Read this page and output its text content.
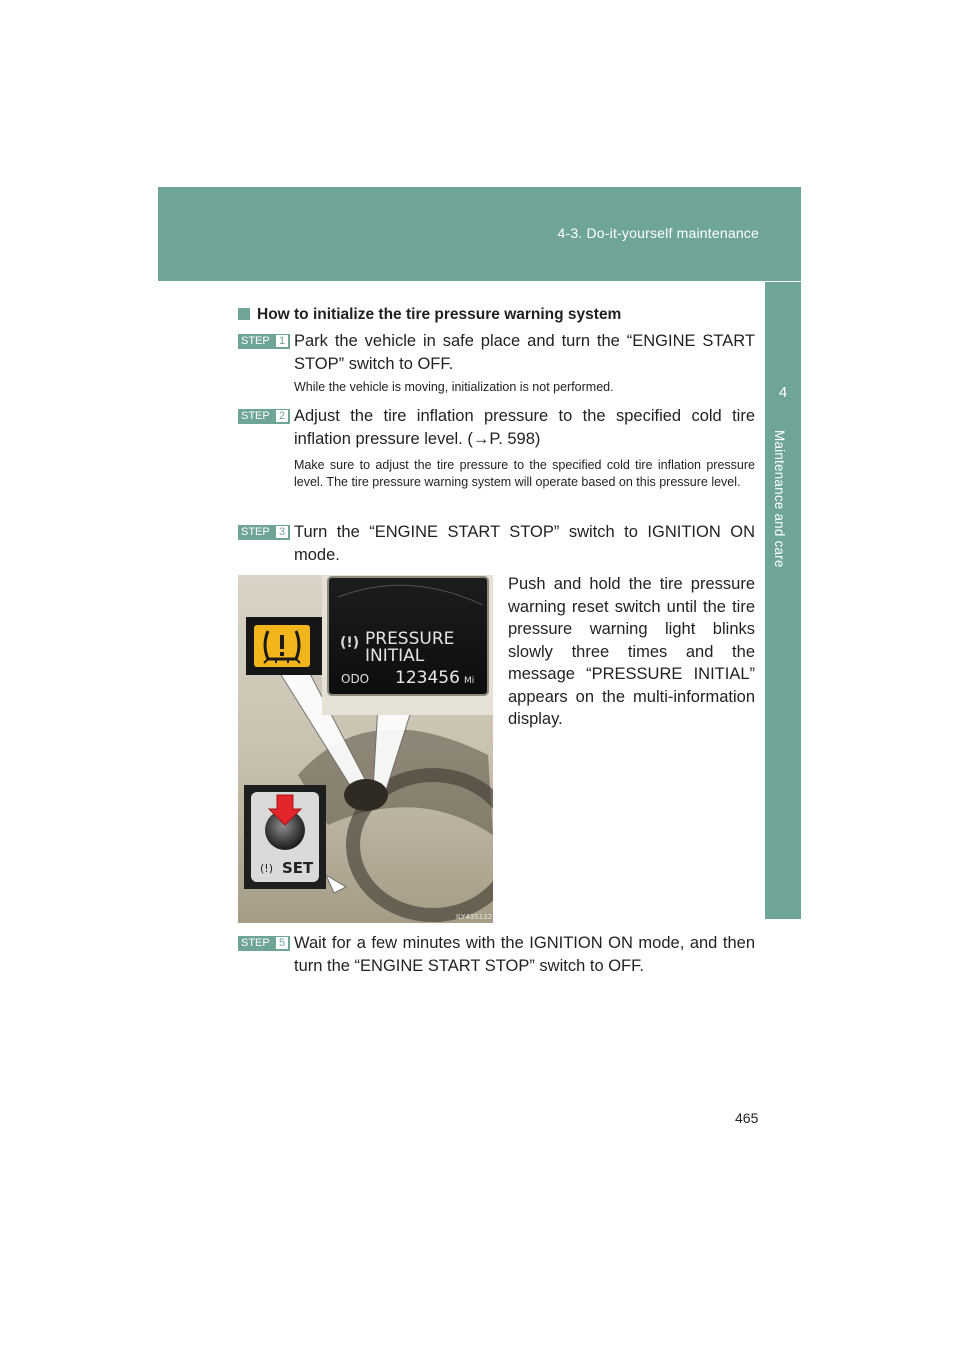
4-3. Do-it-yourself maintenance
4
Maintenance and care
How to initialize the tire pressure warning system
STEP 1 Park the vehicle in safe place and turn the “ENGINE START STOP” switch to OFF.
While the vehicle is moving, initialization is not performed.
STEP 2 Adjust the tire inflation pressure to the specified cold tire inflation pressure level. (→P. 598)
Make sure to adjust the tire pressure to the specified cold tire inflation pressure level. The tire pressure warning system will operate based on this pressure level.
STEP 3 Turn the “ENGINE START STOP” switch to IGNITION ON mode.
(!) PRESSURE
INITIAL
ODO 123456 Mi
(!) SET
ILY43S132
Push and hold the tire pressure warning reset switch until the tire pressure warning light blinks slowly three times and the message “PRESSURE INITIAL” appears on the multi-information display.
STEP 5 Wait for a few minutes with the IGNITION ON mode, and then turn the “ENGINE START STOP” switch to OFF.
465
